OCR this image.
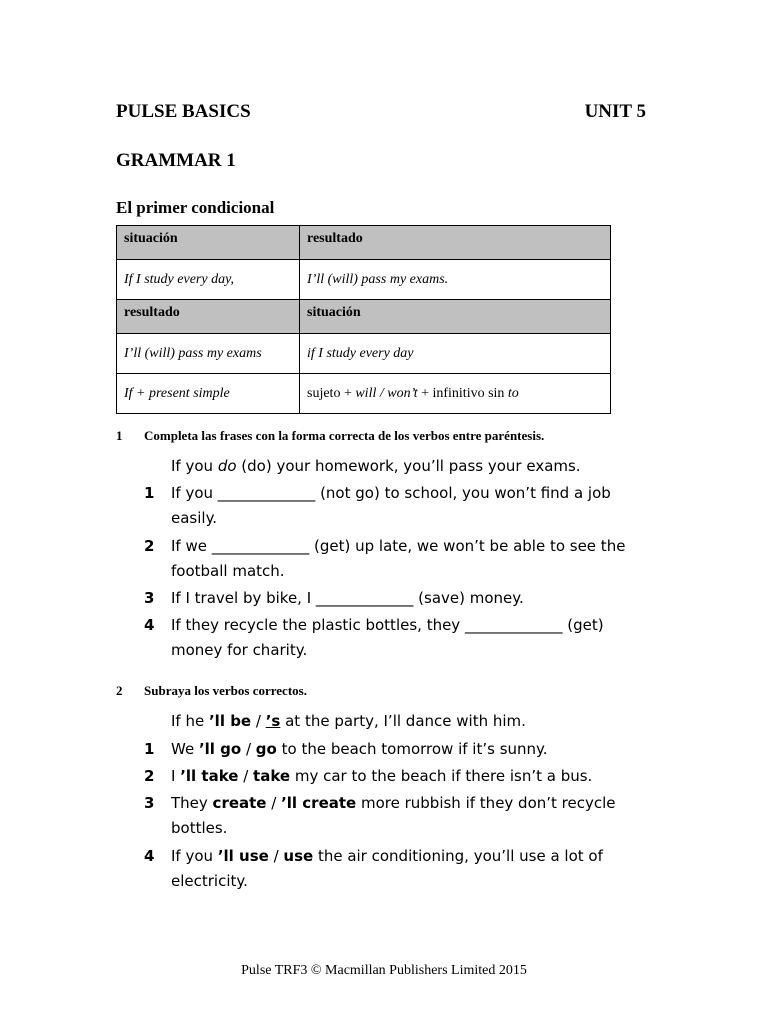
PULSE BASICS	UNIT 5
GRAMMAR 1
El primer condicional
situación	resultado
If I study every day,	I’ll (will) pass my exams.
resultado	situación
I’ll (will) pass my exams	if I study every day
If + present simple	sujeto + will / won’t + infinitivo sin to
1 Completa las frases con la forma correcta de los verbos entre paréntesis.
If you do (do) your homework, you’ll pass your exams.
1 If you _____________ (not go) to school, you won’t find a job
easily.
2 If we _____________ (get) up late, we won’t be able to see the
football match.
3 If I travel by bike, I _____________ (save) money.
4 If they recycle the plastic bottles, they _____________ (get)
money for charity.
2 Subraya los verbos correctos.
If he ’ll be / ’s at the party, I’ll dance with him.
1 We ’ll go / go to the beach tomorrow if it’s sunny.
2 I ’ll take / take my car to the beach if there isn’t a bus.
3 They create / ’ll create more rubbish if they don’t recycle
bottles.
4 If you ’ll use / use the air conditioning, you’ll use a lot of
electricity.
Pulse TRF3 © Macmillan Publishers Limited 2015
